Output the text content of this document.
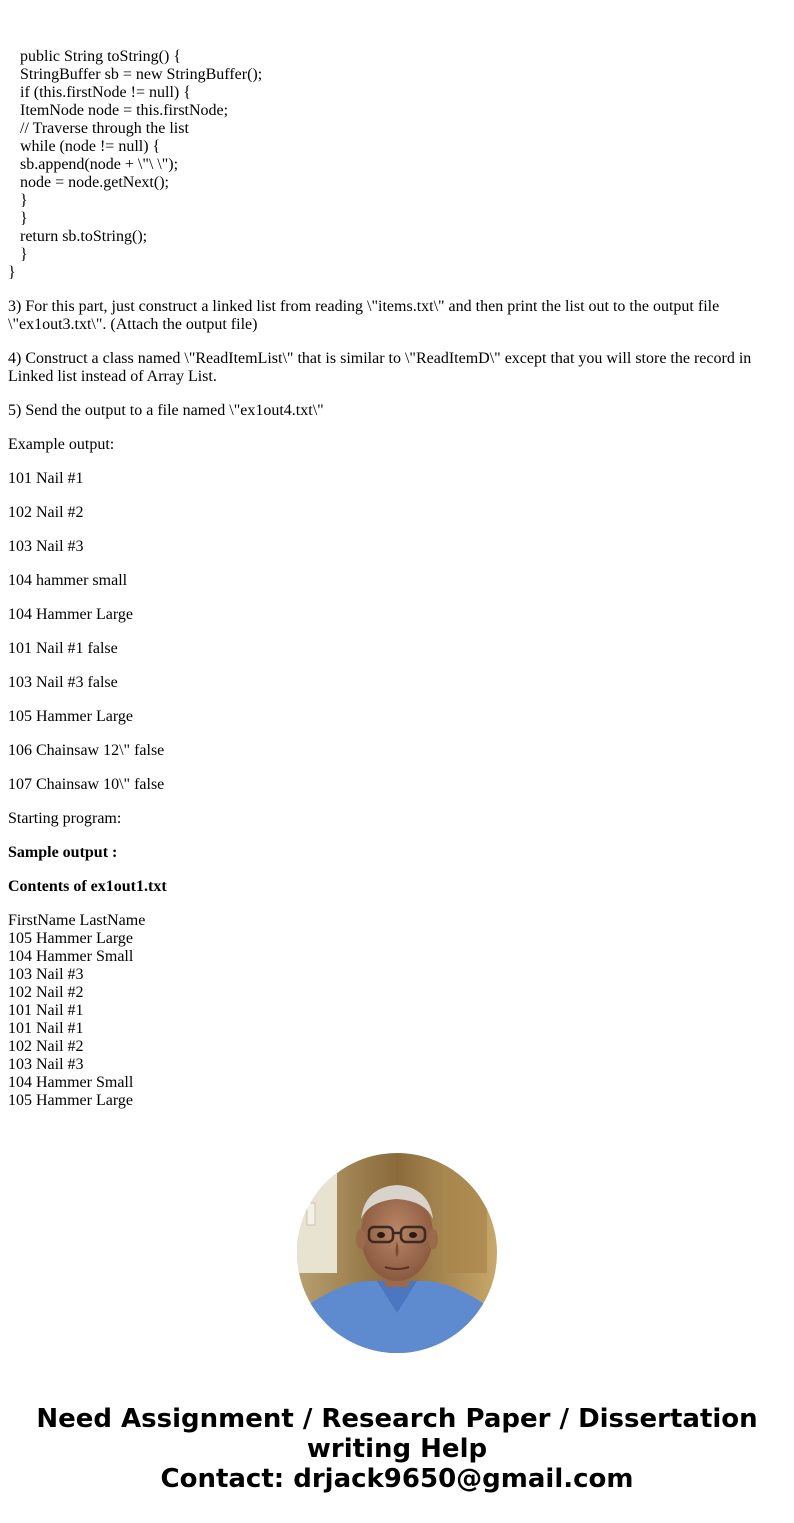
public String toString() {
StringBuffer sb = new StringBuffer();
if (this.firstNode != null) {
ItemNode node = this.firstNode;
// Traverse through the list
while (node != null) {
sb.append(node + \"\ \");
node = node.getNext();
}
}
return sb.toString();
}
}

3) For this part, just construct a linked list from reading \"items.txt\" and then print the list out to the output file \"ex1out3.txt\". (Attach the output file)

4) Construct a class named \"ReadItemList\" that is similar to \"ReadItemD\" except that you will store the record in Linked list instead of Array List.

5) Send the output to a file named \"ex1out4.txt\"

Example output:

101 Nail #1

102 Nail #2

103 Nail #3

104 hammer small

104 Hammer Large

101 Nail #1 false

103 Nail #3 false

105 Hammer Large

106 Chainsaw 12\" false

107 Chainsaw 10\" false

Starting program:

Sample output :

Contents of ex1out1.txt

FirstName LastName
105 Hammer Large
104 Hammer Small
103 Nail #3
102 Nail #2
101 Nail #1
101 Nail #1
102 Nail #2
103 Nail #3
104 Hammer Small
105 Hammer Large
Need Assignment / Research Paper / Dissertation
writing Help
Contact: drjack9650@gmail.com
